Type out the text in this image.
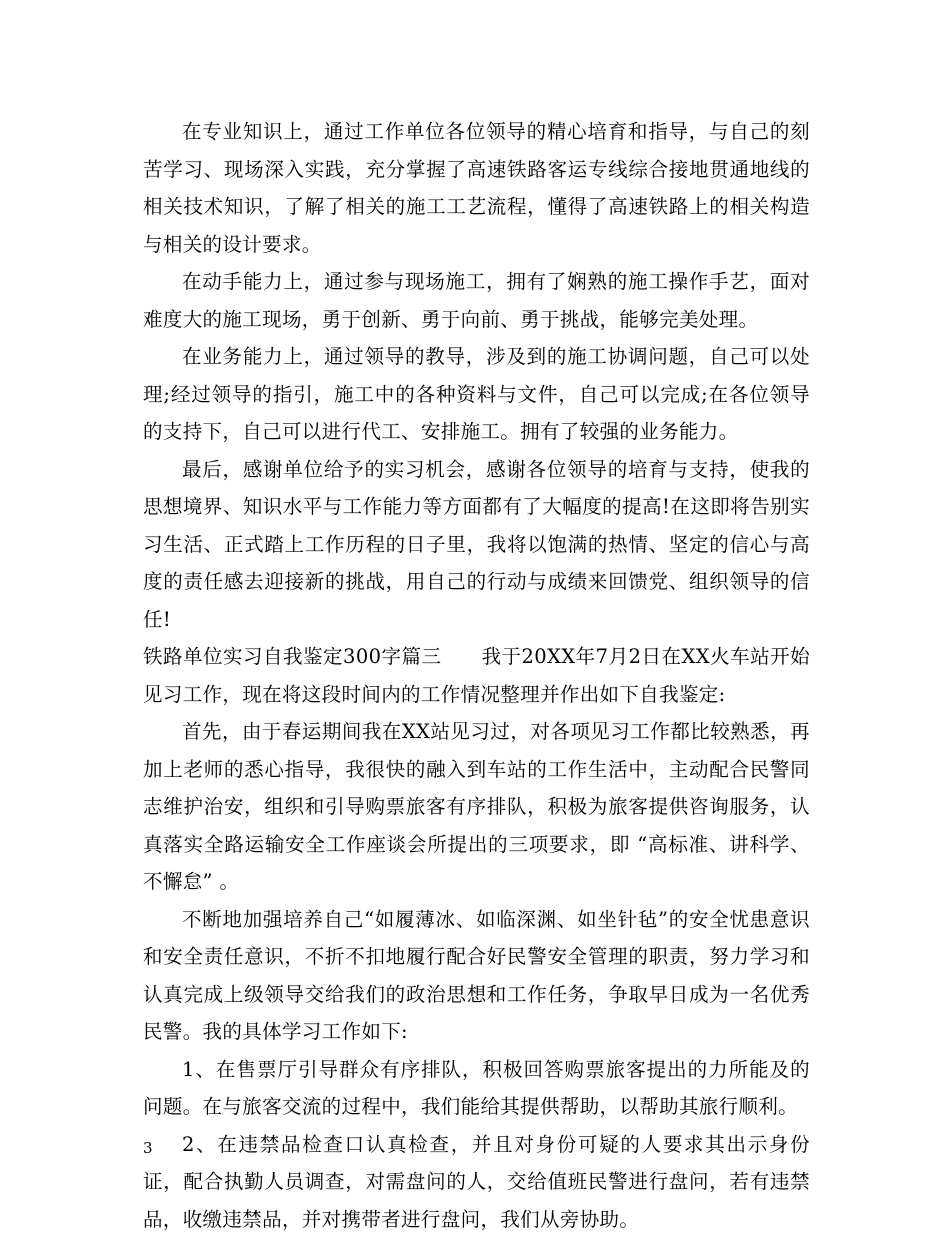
在专业知识上，通过工作单位各位领导的精心培育和指导，与自己的刻苦学习、现场深入实践，充分掌握了高速铁路客运专线综合接地贯通地线的相关技术知识，了解了相关的施工工艺流程，懂得了高速铁路上的相关构造与相关的设计要求。

在动手能力上，通过参与现场施工，拥有了娴熟的施工操作手艺，面对难度大的施工现场，勇于创新、勇于向前、勇于挑战，能够完美处理。

在业务能力上，通过领导的教导，涉及到的施工协调问题，自己可以处理;经过领导的指引，施工中的各种资料与文件，自己可以完成;在各位领导的支持下，自己可以进行代工、安排施工。拥有了较强的业务能力。

最后，感谢单位给予的实习机会，感谢各位领导的培育与支持，使我的思想境界、知识水平与工作能力等方面都有了大幅度的提高!在这即将告别实习生活、正式踏上工作历程的日子里，我将以饱满的热情、坚定的信心与高度的责任感去迎接新的挑战，用自己的行动与成绩来回馈党、组织领导的信任!

铁路单位实习自我鉴定300字篇三　　我于20XX年7月2日在XX火车站开始见习工作，现在将这段时间内的工作情况整理并作出如下自我鉴定:

首先，由于春运期间我在XX站见习过，对各项见习工作都比较熟悉，再加上老师的悉心指导，我很快的融入到车站的工作生活中，主动配合民警同志维护治安，组织和引导购票旅客有序排队，积极为旅客提供咨询服务，认真落实全路运输安全工作座谈会所提出的三项要求，即 “高标准、讲科学、不懈怠” 。

不断地加强培养自己“如履薄冰、如临深渊、如坐针毡”的安全忧患意识和安全责任意识，不折不扣地履行配合好民警安全管理的职责，努力学习和认真完成上级领导交给我们的政治思想和工作任务，争取早日成为一名优秀民警。我的具体学习工作如下:

1、在售票厅引导群众有序排队，积极回答购票旅客提出的力所能及的问题。在与旅客交流的过程中，我们能给其提供帮助，以帮助其旅行顺利。

2、在违禁品检查口认真检查，并且对身份可疑的人要求其出示身份证，配合执勤人员调查，对需盘问的人，交给值班民警进行盘问，若有违禁品，收缴违禁品，并对携带者进行盘问，我们从旁协助。

3
